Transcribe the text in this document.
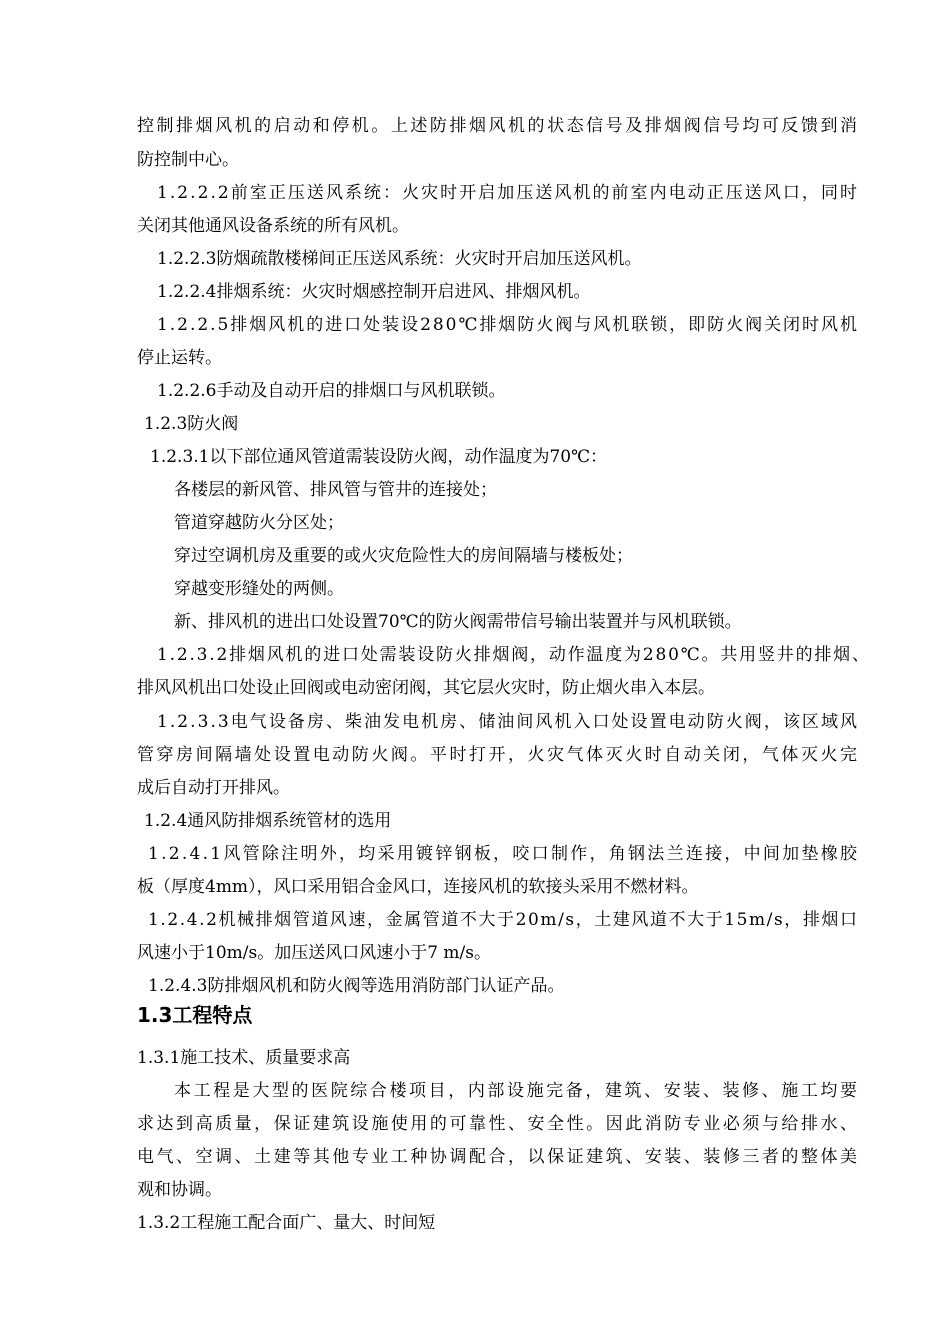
控制排烟风机的启动和停机。上述防排烟风机的状态信号及排烟阀信号均可反馈到消
防控制中心。
1.2.2.2前室正压送风系统：火灾时开启加压送风机的前室内电动正压送风口，同时
关闭其他通风设备系统的所有风机。
1.2.2.3防烟疏散楼梯间正压送风系统：火灾时开启加压送风机。
1.2.2.4排烟系统：火灾时烟感控制开启进风、排烟风机。
1.2.2.5排烟风机的进口处装设280℃排烟防火阀与风机联锁，即防火阀关闭时风机
停止运转。
1.2.2.6手动及自动开启的排烟口与风机联锁。
1.2.3防火阀
1.2.3.1以下部位通风管道需装设防火阀，动作温度为70℃：
各楼层的新风管、排风管与管井的连接处；
管道穿越防火分区处；
穿过空调机房及重要的或火灾危险性大的房间隔墙与楼板处；
穿越变形缝处的两侧。
新、排风机的进出口处设置70℃的防火阀需带信号输出装置并与风机联锁。
1.2.3.2排烟风机的进口处需装设防火排烟阀，动作温度为280℃。共用竖井的排烟、
排风风机出口处设止回阀或电动密闭阀，其它层火灾时，防止烟火串入本层。
1.2.3.3电气设备房、柴油发电机房、储油间风机入口处设置电动防火阀，该区域风
管穿房间隔墙处设置电动防火阀。平时打开，火灾气体灭火时自动关闭，气体灭火完
成后自动打开排风。
1.2.4通风防排烟系统管材的选用
1.2.4.1风管除注明外，均采用镀锌钢板，咬口制作，角钢法兰连接，中间加垫橡胶
板（厚度4mm），风口采用铝合金风口，连接风机的软接头采用不燃材料。
1.2.4.2机械排烟管道风速，金属管道不大于20m/s，土建风道不大于15m/s，排烟口
风速小于10m/s。加压送风口风速小于7 m/s。
1.2.4.3防排烟风机和防火阀等选用消防部门认证产品。
1.3.1施工技术、质量要求高
本工程是大型的医院综合楼项目，内部设施完备，建筑、安装、装修、施工均要
求达到高质量，保证建筑设施使用的可靠性、安全性。因此消防专业必须与给排水、
电气、空调、土建等其他专业工种协调配合，以保证建筑、安装、装修三者的整体美
观和协调。
1.3.2工程施工配合面广、量大、时间短
1.3工程特点
